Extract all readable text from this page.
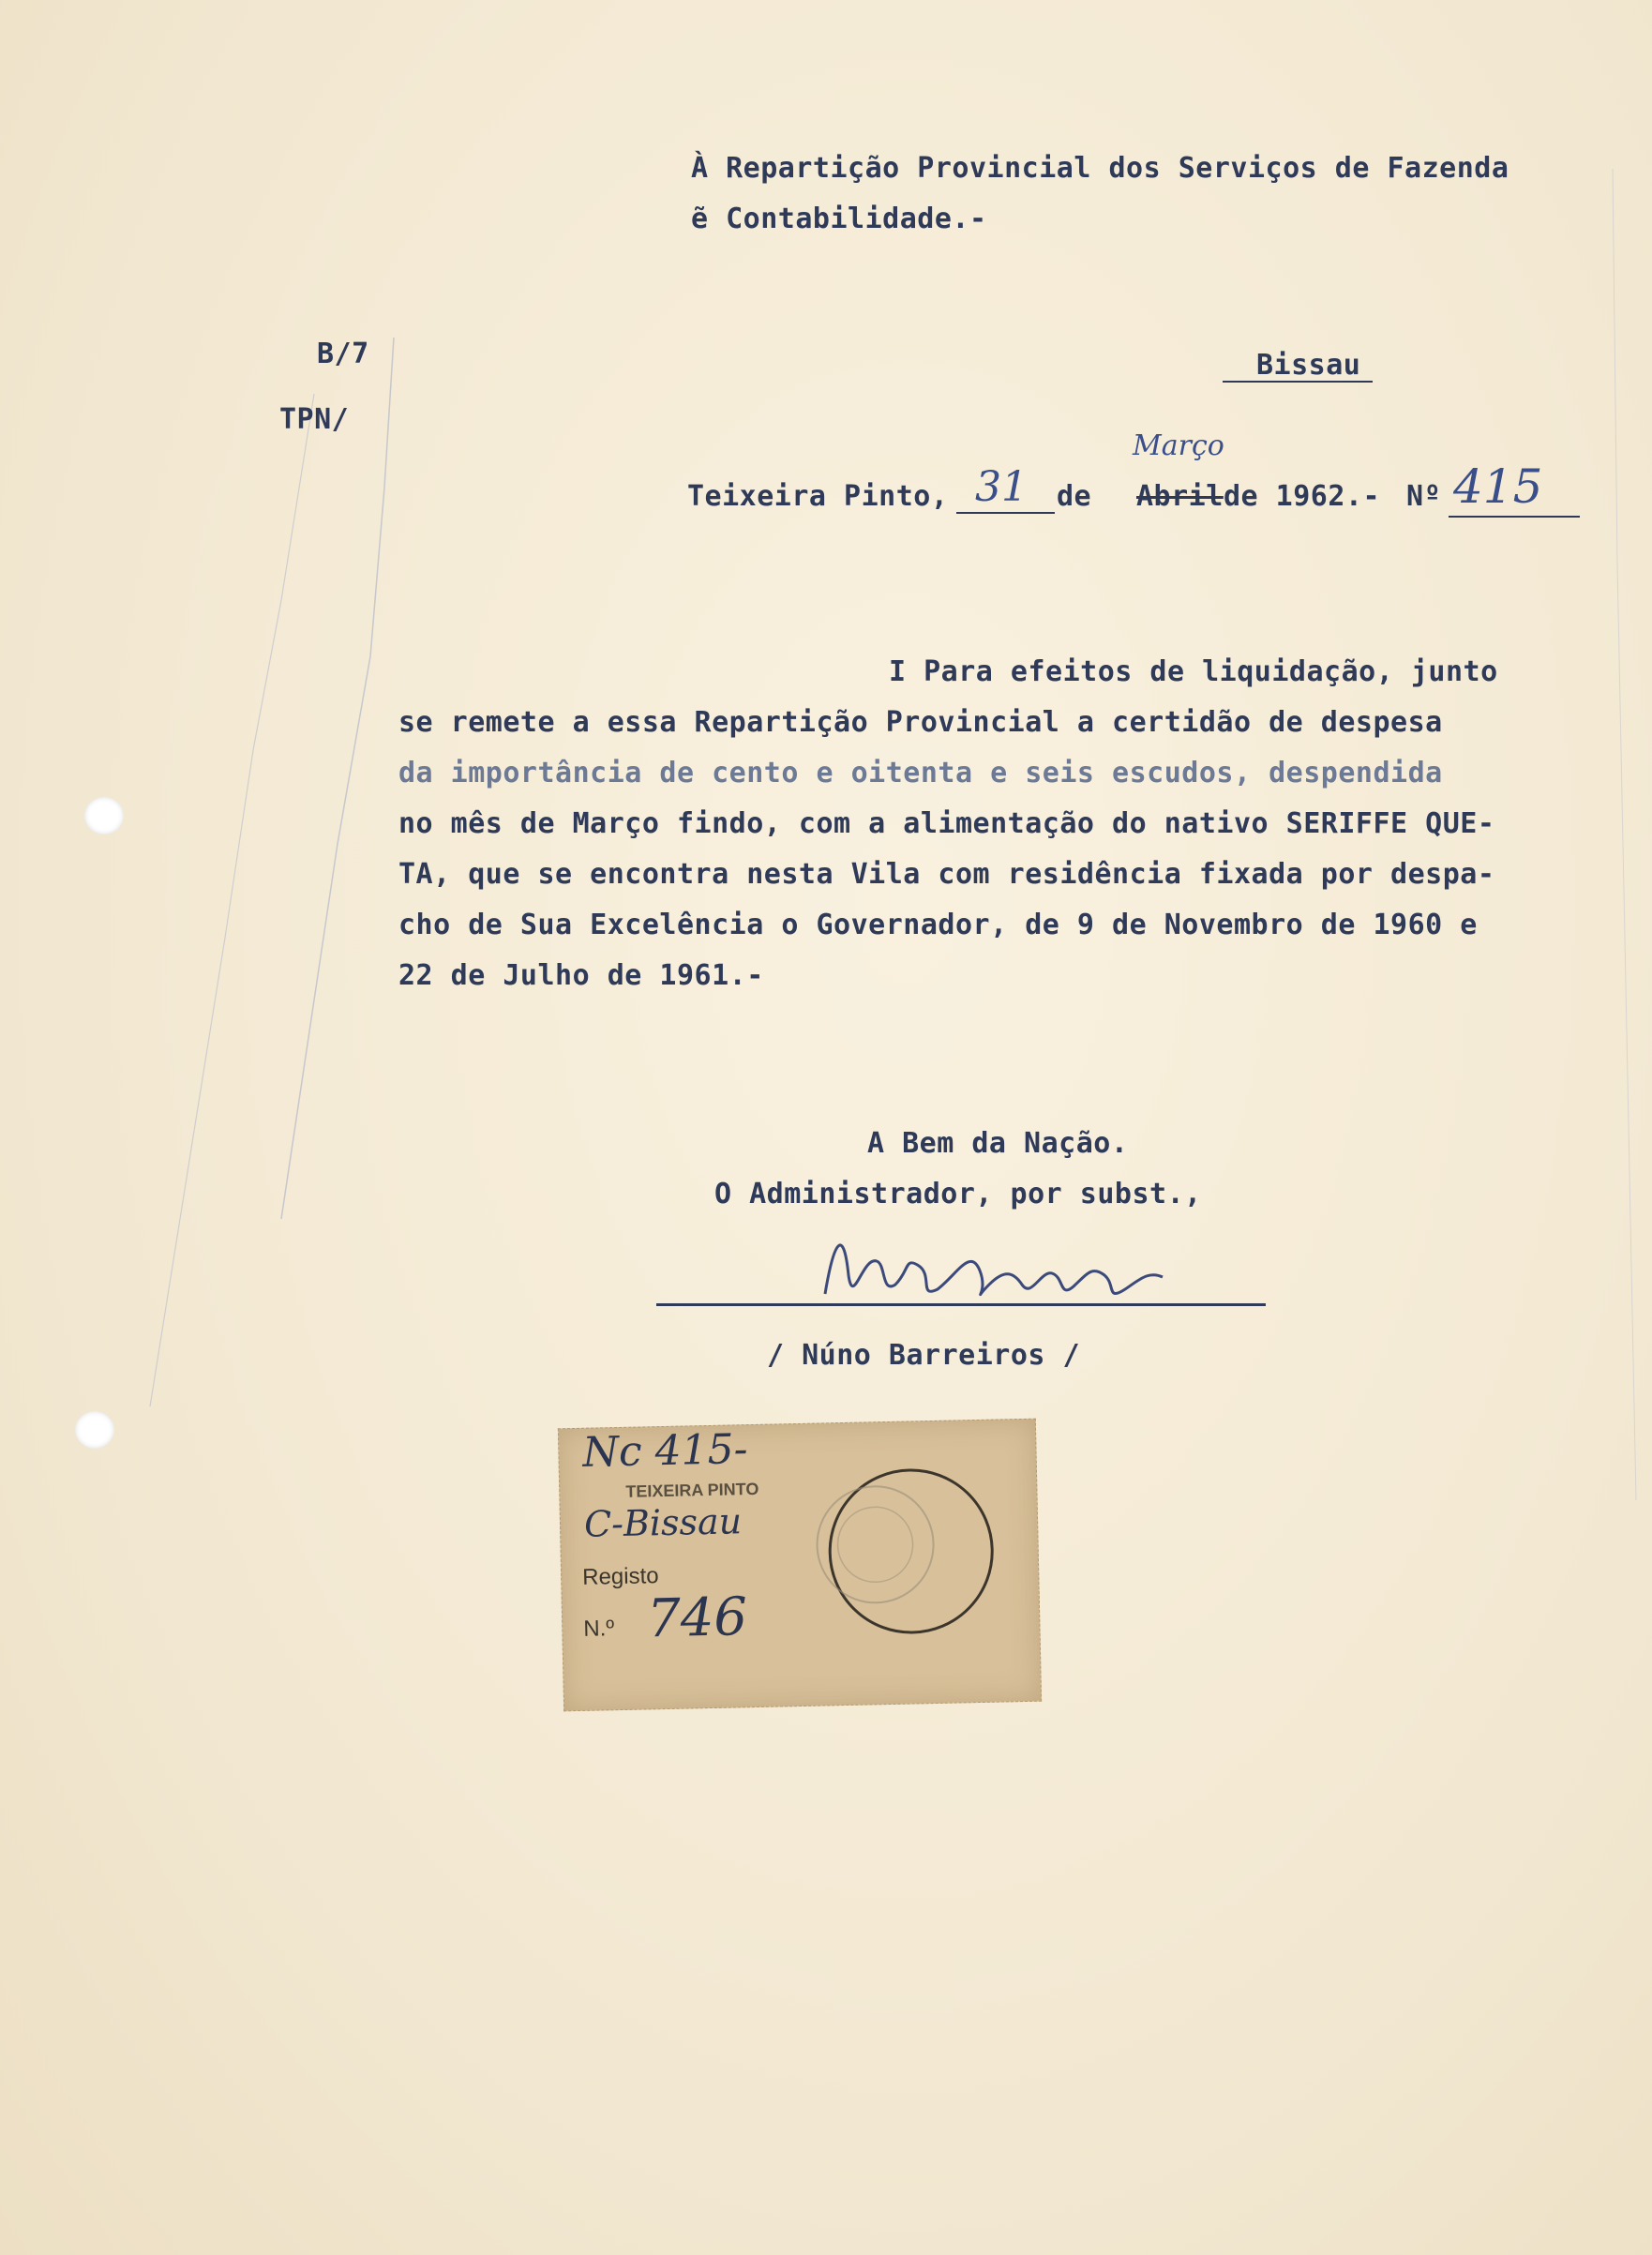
À Repartição Provincial dos Serviços de Fazenda
ẽ Contabilidade.-
B/7
TPN/
Bissau
Teixeira Pinto, 31 de Abril
Março
de 1962.- Nº 415
I Para efeitos de liquidação, junto
se remete a essa Repartição Provincial a certidão de despesa
da importância de cento e oitenta e seis escudos, despendida
no mês de Março findo, com a alimentação do nativo SERIFFE QUE-
TA, que se encontra nesta Vila com residência fixada por despa-
cho de Sua Excelência o Governador, de 9 de Novembro de 1960 e
22 de Julho de 1961.-
A Bem da Nação.
O Administrador, por subst.,
/ Núno Barreiros /
Nc 415-
TEIXEIRA PINTO
C-Bissau
Registo
N.º 746
